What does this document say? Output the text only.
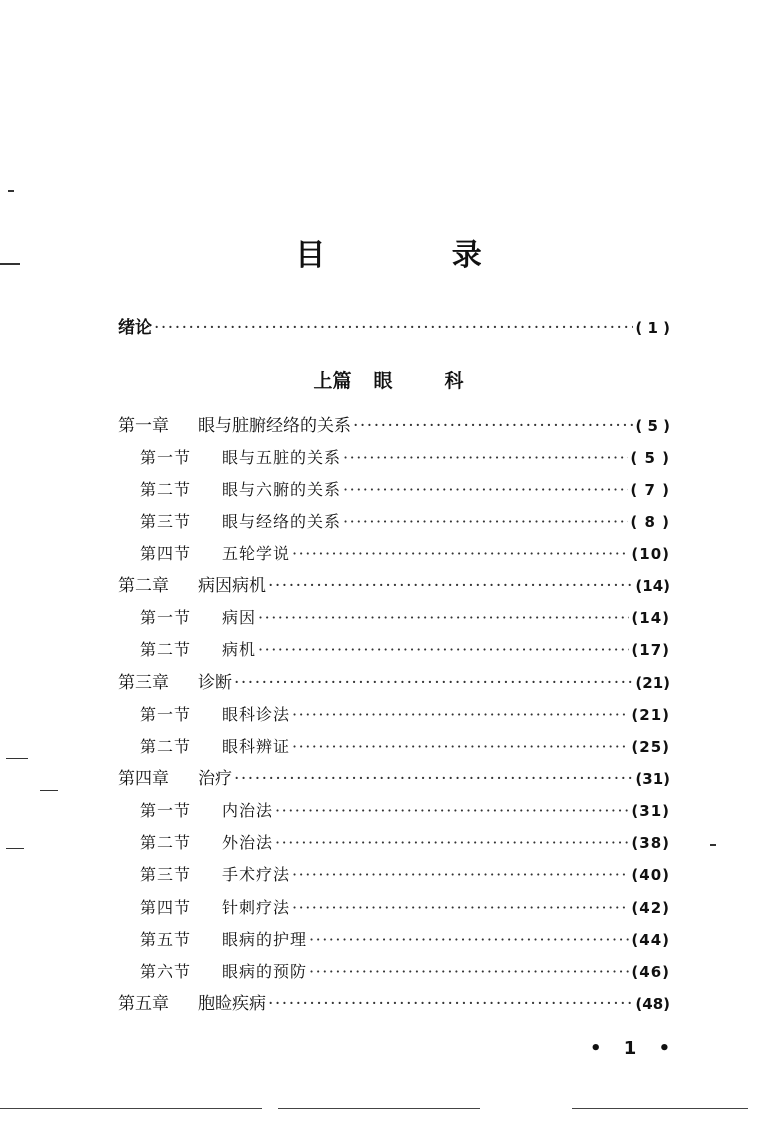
目 录
上篇 眼	科
绪论 ·····	( 1 )
第一章 眼与脏腑经络的关系 ·····	( 5 )
第一节 眼与五脏的关系 ·····	( 5 )
第二节 眼与六腑的关系 ·····	( 7 )
第三节 眼与经络的关系 ·····	( 8 )
第四节 五轮学说 ·····	(10)
第二章 病因病机 ·····	(14)
第一节 病因 ·····	(14)
第二节 病机 ·····	(17)
第三章 诊断 ·····	(21)
第一节 眼科诊法 ·····	(21)
第二节 眼科辨证 ·····	(25)
第四章 治疗 ·····	(31)
第一节 内治法 ·····	(31)
第二节 外治法 ·····	(38)
第三节 手术疗法 ·····	(40)
第四节 针刺疗法 ·····	(42)
第五节 眼病的护理 ·····	(44)
第六节 眼病的预防 ·····	(46)
第五章 胞睑疾病 ·····	(48)
• 1 •
